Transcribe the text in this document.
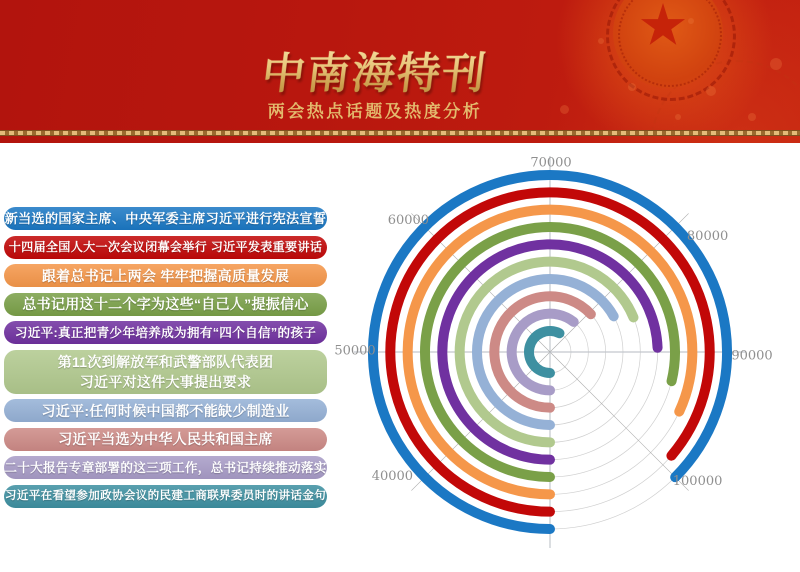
中南海特刊
两会热点话题及热度分析
新当选的国家主席、中央军委主席习近平进行宪法宣誓
十四届全国人大一次会议闭幕会举行 习近平发表重要讲话
跟着总书记上两会 牢牢把握高质量发展
总书记用这十二个字为这些“自己人”提振信心
习近平:真正把青少年培养成为拥有“四个自信”的孩子
第11次到解放军和武警部队代表团
习近平对这件大事提出要求
习近平:任何时候中国都不能缺少制造业
习近平当选为中华人民共和国主席
二十大报告专章部署的这三项工作，总书记持续推动落实
习近平在看望参加政协会议的民建工商联界委员时的讲话金句
40000
50000
60000
70000
80000
90000
100000
